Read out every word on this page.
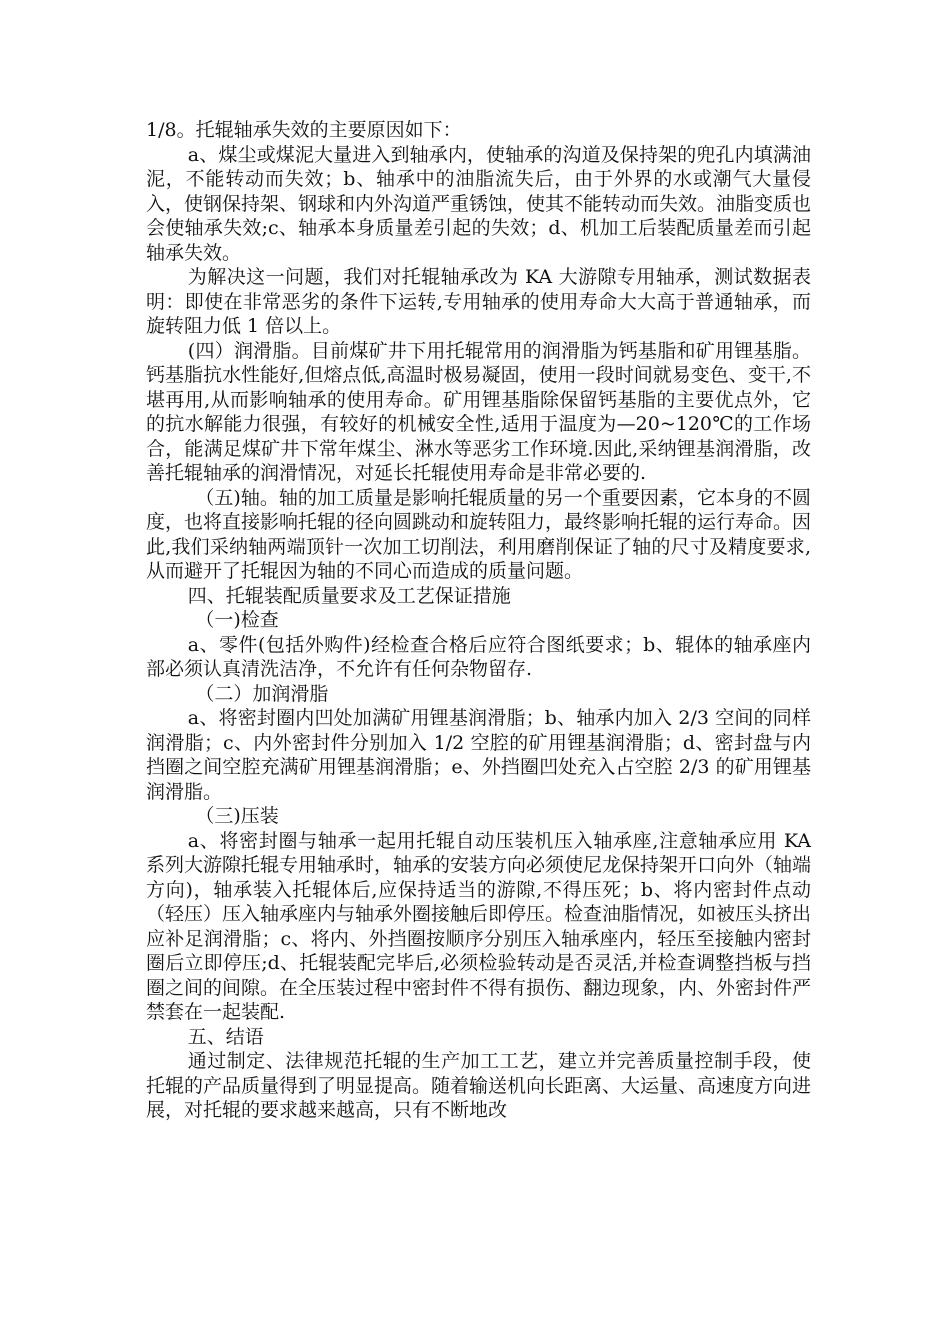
1/8。托辊轴承失效的主要原因如下：

a、煤尘或煤泥大量进入到轴承内，使轴承的沟道及保持架的兜孔内填满油泥，不能转动而失效；b、轴承中的油脂流失后，由于外界的水或潮气大量侵入，使钢保持架、钢球和内外沟道严重锈蚀，使其不能转动而失效。油脂变质也会使轴承失效;c、轴承本身质量差引起的失效；d、机加工后装配质量差而引起轴承失效。

为解决这一问题，我们对托辊轴承改为 KA 大游隙专用轴承，测试数据表明：即使在非常恶劣的条件下运转,专用轴承的使用寿命大大高于普通轴承，而旋转阻力低 1 倍以上。

(四）润滑脂。目前煤矿井下用托辊常用的润滑脂为钙基脂和矿用锂基脂。钙基脂抗水性能好,但熔点低,高温时极易凝固，使用一段时间就易变色、变干,不堪再用,从而影响轴承的使用寿命。矿用锂基脂除保留钙基脂的主要优点外，它的抗水解能力很强，有较好的机械安全性,适用于温度为—20~120℃的工作场合，能满足煤矿井下常年煤尘、淋水等恶劣工作环境.因此,采纳锂基润滑脂，改善托辊轴承的润滑情况，对延长托辊使用寿命是非常必要的.

（五)轴。轴的加工质量是影响托辊质量的另一个重要因素，它本身的不圆度，也将直接影响托辊的径向圆跳动和旋转阻力，最终影响托辊的运行寿命。因此,我们采纳轴两端顶针一次加工切削法，利用磨削保证了轴的尺寸及精度要求,从而避开了托辊因为轴的不同心而造成的质量问题。

四、托辊装配质量要求及工艺保证措施

（一)检查

a、零件(包括外购件)经检查合格后应符合图纸要求；b、辊体的轴承座内部必须认真清洗洁净，不允许有任何杂物留存.

（二）加润滑脂

a、将密封圈内凹处加满矿用锂基润滑脂；b、轴承内加入 2/3 空间的同样润滑脂；c、内外密封件分别加入 1/2 空腔的矿用锂基润滑脂；d、密封盘与内挡圈之间空腔充满矿用锂基润滑脂；e、外挡圈凹处充入占空腔 2/3 的矿用锂基润滑脂。

（三)压装

a、将密封圈与轴承一起用托辊自动压装机压入轴承座,注意轴承应用 KA 系列大游隙托辊专用轴承时，轴承的安装方向必须使尼龙保持架开口向外（轴端方向)，轴承装入托辊体后,应保持适当的游隙,不得压死；b、将内密封件点动（轻压）压入轴承座内与轴承外圈接触后即停压。检查油脂情况，如被压头挤出应补足润滑脂；c、将内、外挡圈按顺序分别压入轴承座内，轻压至接触内密封圈后立即停压;d、托辊装配完毕后,必须检验转动是否灵活,并检查调整挡板与挡圈之间的间隙。在全压装过程中密封件不得有损伤、翻边现象，内、外密封件严禁套在一起装配.

五、结语

通过制定、法律规范托辊的生产加工工艺，建立并完善质量控制手段，使托辊的产品质量得到了明显提高。随着输送机向长距离、大运量、高速度方向进展，对托辊的要求越来越高，只有不断地改
